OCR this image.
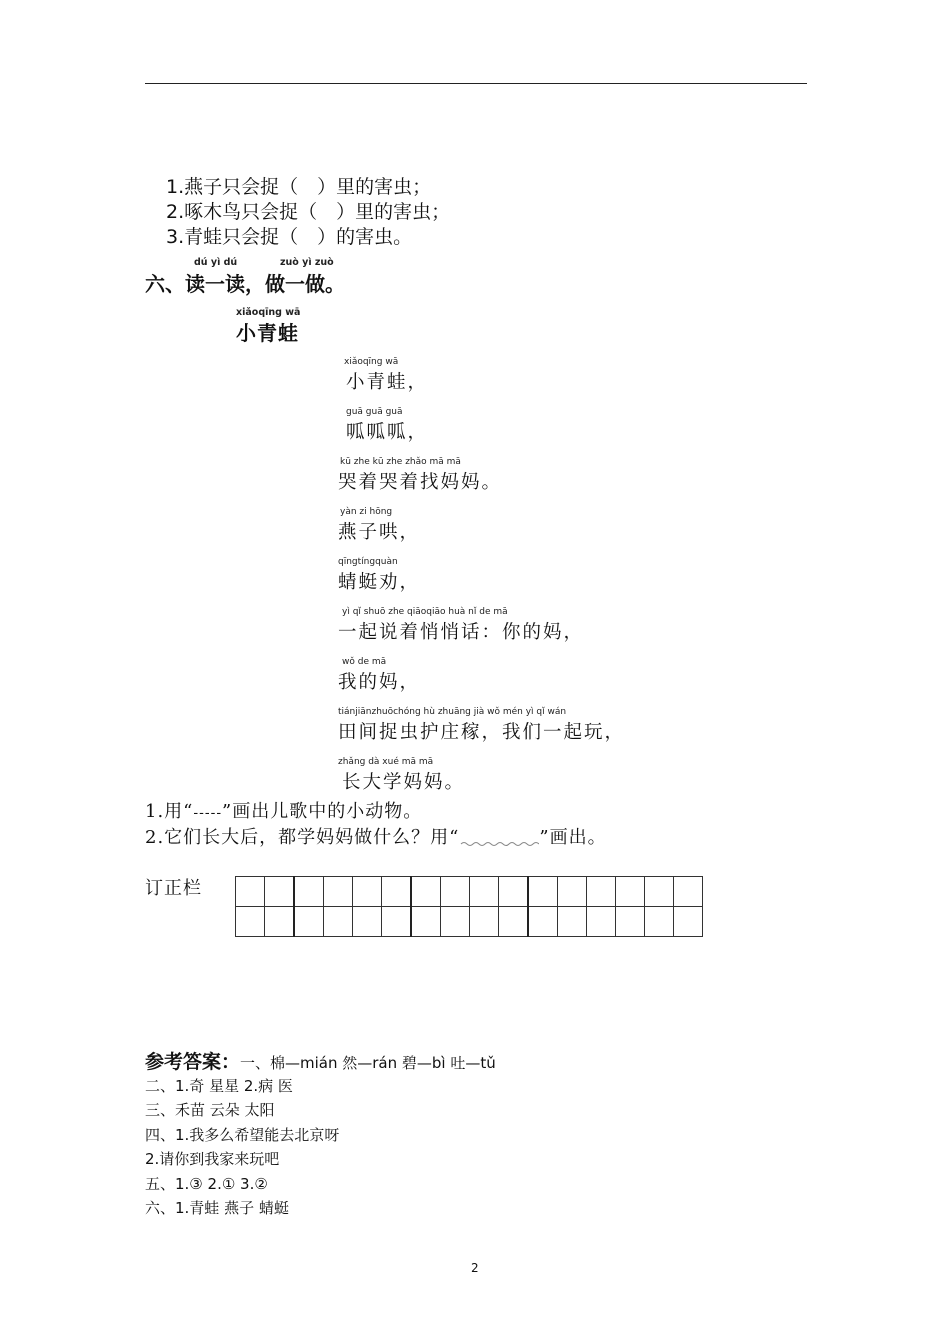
1.燕子只会捉（　）里的害虫；
2.啄木鸟只会捉（　）里的害虫；
3.青蛙只会捉（　）的害虫。
dú yì dú	zuò yì zuò
六、读一读，做一做。
xiǎoqīng wā
小青蛙
xiǎoqīng wā
小青蛙，
guā guā guā
呱呱呱，
kū zhe kū zhe zhǎo mā mā
哭着哭着找妈妈。
yàn zi hōng
燕子哄，
qīngtíngquàn
蜻蜓劝，
yì qǐ shuō zhe qiāoqiāo huà nǐ de mā
一起说着悄悄话：你的妈，
wǒ de mā
我的妈，
tiánjiānzhuōchóng hù zhuāng jià wǒ mén yì qǐ wán
田间捉虫护庄稼，我们一起玩，
zhǎng dà xué mā mā
长大学妈妈。
1.用“-----”画出儿歌中的小动物。
2.它们长大后，都学妈妈做什么？用“	”画出。
订正栏

参考答案：一、棉—mián 然—rán 碧—bì 吐—tǔ
二、1.奇 星星 2.病 医
三、禾苗 云朵 太阳
四、1.我多么希望能去北京呀
2.请你到我家来玩吧
五、1.③ 2.① 3.②
六、1.青蛙 燕子 蜻蜓
2
